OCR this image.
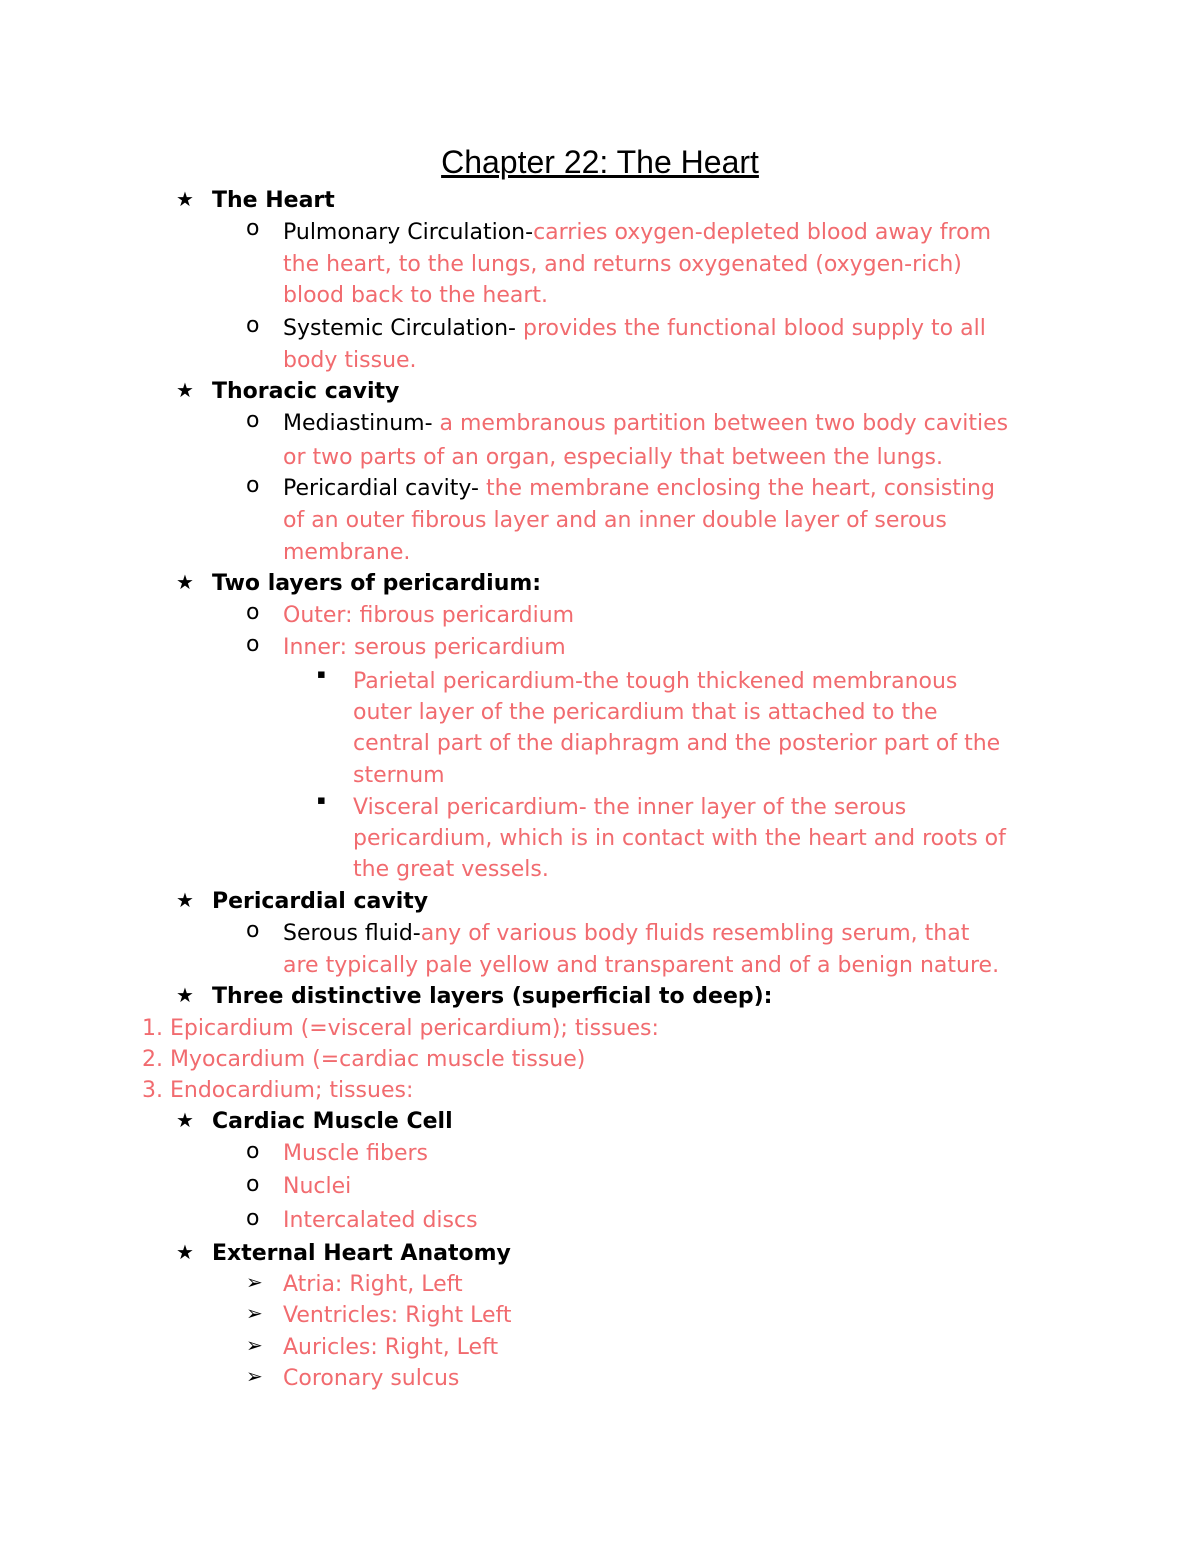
Chapter 22: The Heart
★ The Heart
o Pulmonary Circulation-carries oxygen-depleted blood away from
the heart, to the lungs, and returns oxygenated (oxygen-rich)
blood back to the heart.
o Systemic Circulation- provides the functional blood supply to all
body tissue.
★ Thoracic cavity
o Mediastinum- a membranous partition between two body cavities
or two parts of an organ, especially that between the lungs.
o Pericardial cavity- the membrane enclosing the heart, consisting
of an outer fibrous layer and an inner double layer of serous
membrane.
★ Two layers of pericardium:
o Outer: fibrous pericardium
o Inner: serous pericardium
▪ Parietal pericardium-the tough thickened membranous
outer layer of the pericardium that is attached to the
central part of the diaphragm and the posterior part of the
sternum
▪ Visceral pericardium- the inner layer of the serous
pericardium, which is in contact with the heart and roots of
the great vessels.
★ Pericardial cavity
o Serous fluid-any of various body fluids resembling serum, that
are typically pale yellow and transparent and of a benign nature.
★ Three distinctive layers (superficial to deep):
1. Epicardium (=visceral pericardium); tissues:
2. Myocardium (=cardiac muscle tissue)
3. Endocardium; tissues:
★ Cardiac Muscle Cell
o Muscle fibers
o Nuclei
o Intercalated discs
★ External Heart Anatomy
➢ Atria: Right, Left
➢ Ventricles: Right Left
➢ Auricles: Right, Left
➢ Coronary sulcus
